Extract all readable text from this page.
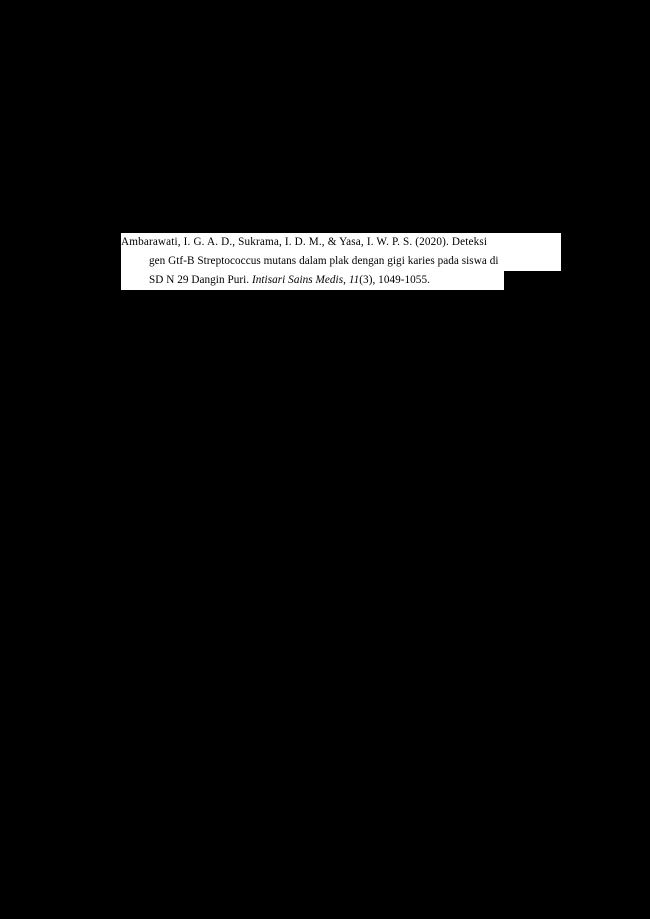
Ambarawati, I. G. A. D., Sukrama, I. D. M., & Yasa, I. W. P. S. (2020). Deteksi
gen Gtf-B Streptococcus mutans dalam plak dengan gigi karies pada siswa di
SD N 29 Dangin Puri. Intisari Sains Medis, 11(3), 1049-1055.
